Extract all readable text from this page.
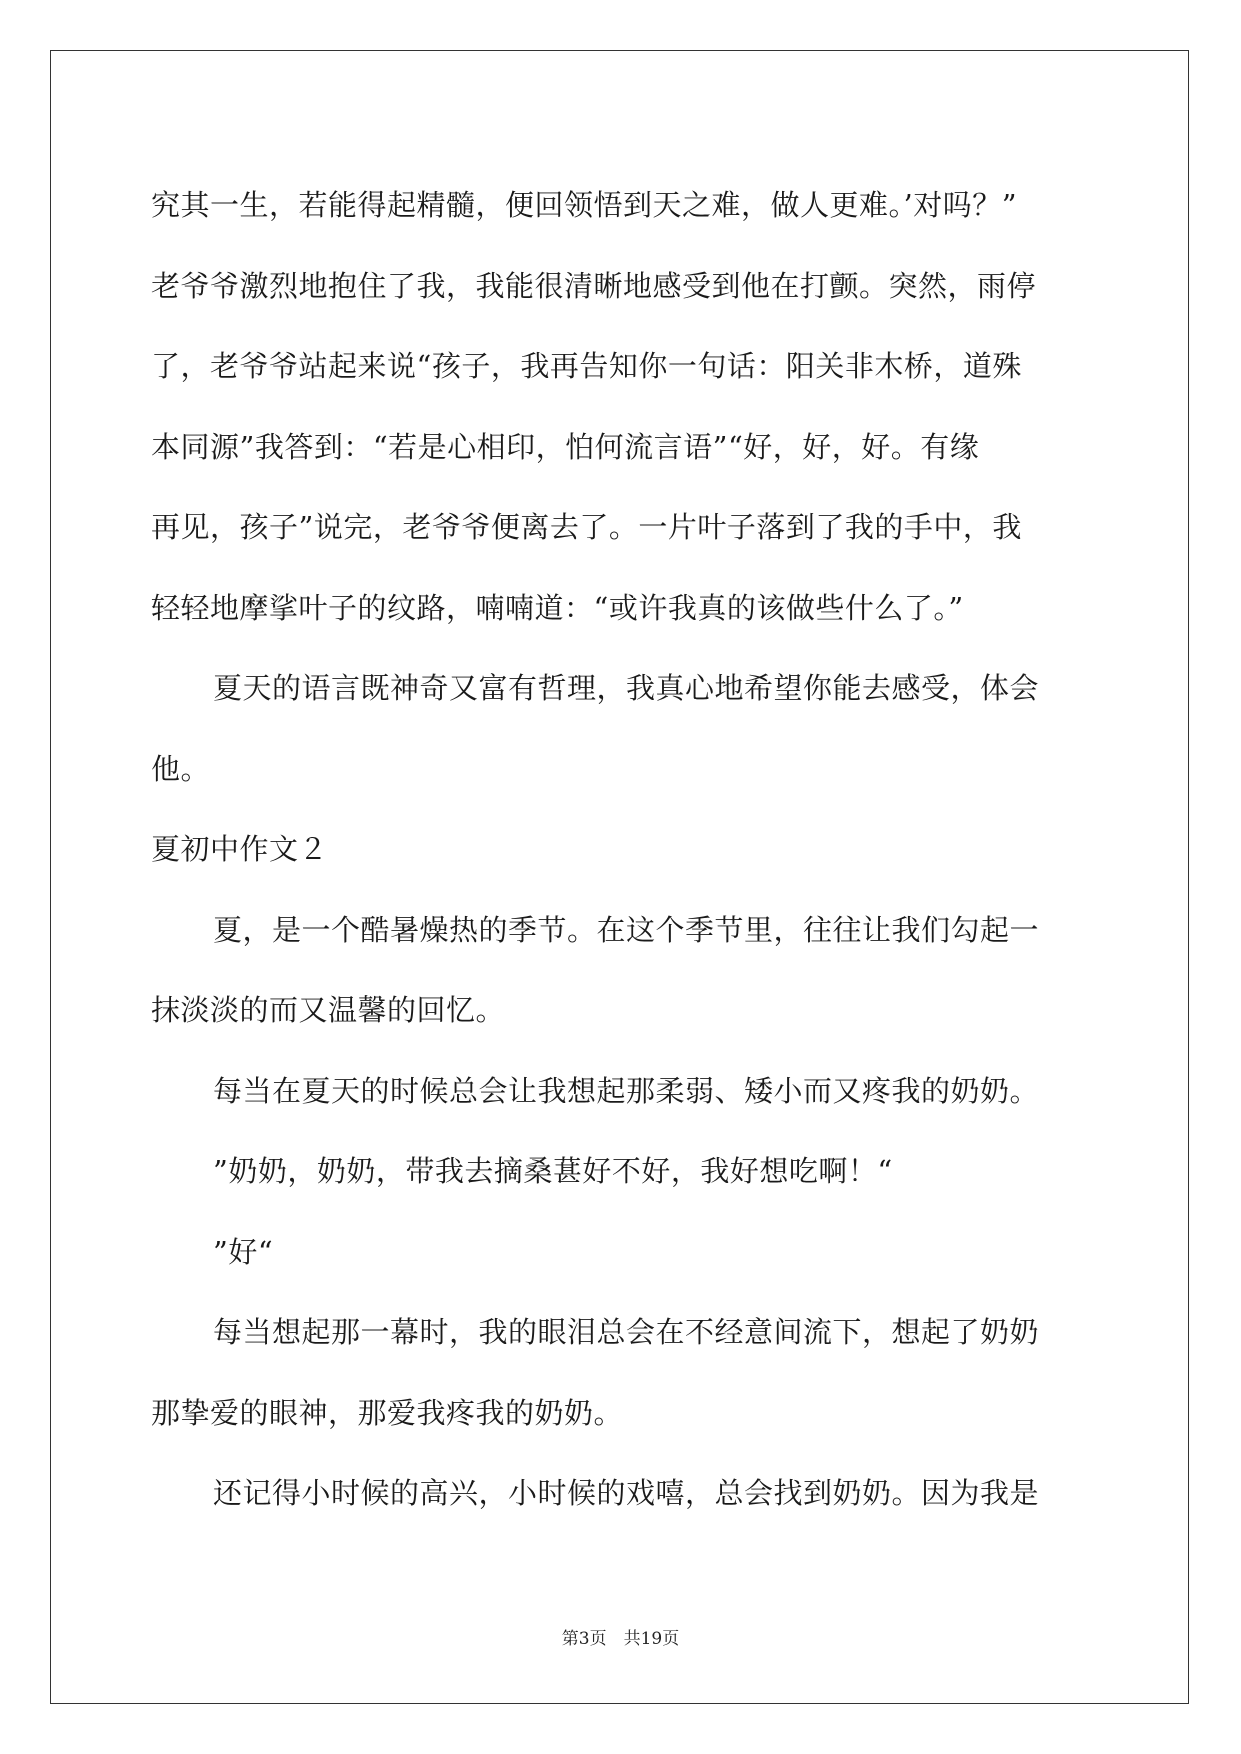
究其一生，若能得起精髓，便回领悟到天之难，做人更难。’对吗？”
老爷爷激烈地抱住了我，我能很清晰地感受到他在打颤。突然，雨停
了，老爷爷站起来说“孩子，我再告知你一句话：阳关非木桥，道殊
本同源”我答到：“若是心相印，怕何流言语”“好，好，好。有缘
再见，孩子”说完，老爷爷便离去了。一片叶子落到了我的手中，我
轻轻地摩挲叶子的纹路，喃喃道：“或许我真的该做些什么了。”
夏天的语言既神奇又富有哲理，我真心地希望你能去感受，体会
他。
夏初中作文２
夏，是一个酷暑燥热的季节。在这个季节里，往往让我们勾起一
抹淡淡的而又温馨的回忆。
每当在夏天的时候总会让我想起那柔弱、矮小而又疼我的奶奶。
”奶奶，奶奶，带我去摘桑葚好不好，我好想吃啊！“
”好“
每当想起那一幕时，我的眼泪总会在不经意间流下，想起了奶奶
那挚爱的眼神，那爱我疼我的奶奶。
还记得小时候的高兴，小时候的戏嘻，总会找到奶奶。因为我是
第3页　共19页
